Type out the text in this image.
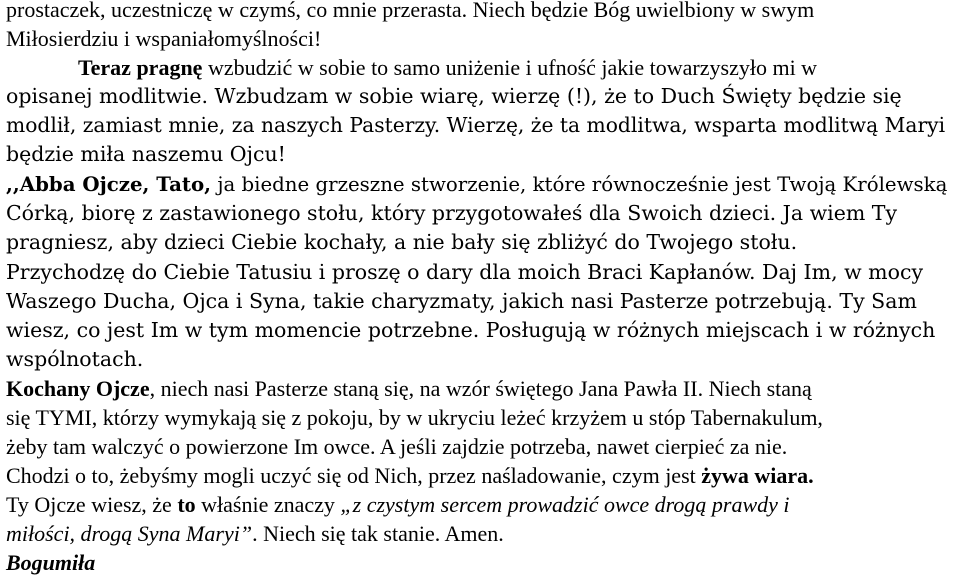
prostaczek, uczestniczę w czymś, co mnie przerasta. Niech będzie Bóg uwielbiony w swym
Miłosierdziu i wspaniałomyślności!
Teraz pragnę wzbudzić w sobie to samo uniżenie i ufność jakie towarzyszyło mi w
opisanej modlitwie. Wzbudzam w sobie wiarę, wierzę (!), że to Duch Święty będzie się
modlił, zamiast mnie, za naszych Pasterzy. Wierzę, że ta modlitwa, wsparta modlitwą Maryi
będzie miła naszemu Ojcu!
,,Abba Ojcze, Tato, ja biedne grzeszne stworzenie, które równocześnie jest Twoją Królewską
Córką, biorę z zastawionego stołu, który przygotowałeś dla Swoich dzieci. Ja wiem Ty
pragniesz, aby dzieci Ciebie kochały, a nie bały się zbliżyć do Twojego stołu.
Przychodzę do Ciebie Tatusiu i proszę o dary dla moich Braci Kapłanów. Daj Im, w mocy
Waszego Ducha, Ojca i Syna, takie charyzmaty, jakich nasi Pasterze potrzebują. Ty Sam
wiesz, co jest Im w tym momencie potrzebne. Posługują w różnych miejscach i w różnych
wspólnotach.
Kochany Ojcze, niech nasi Pasterze staną się, na wzór świętego Jana Pawła II. Niech staną
się TYMI, którzy wymykają się z pokoju, by w ukryciu leżeć krzyżem u stóp Tabernakulum,
żeby tam walczyć o powierzone Im owce. A jeśli zajdzie potrzeba, nawet cierpieć za nie.
Chodzi o to, żebyśmy mogli uczyć się od Nich, przez naśladowanie, czym jest żywa wiara.
Ty Ojcze wiesz, że to właśnie znaczy „z czystym sercem prowadzić owce drogą prawdy i
miłości, drogą Syna Maryi”. Niech się tak stanie. Amen.
Bogumiła
